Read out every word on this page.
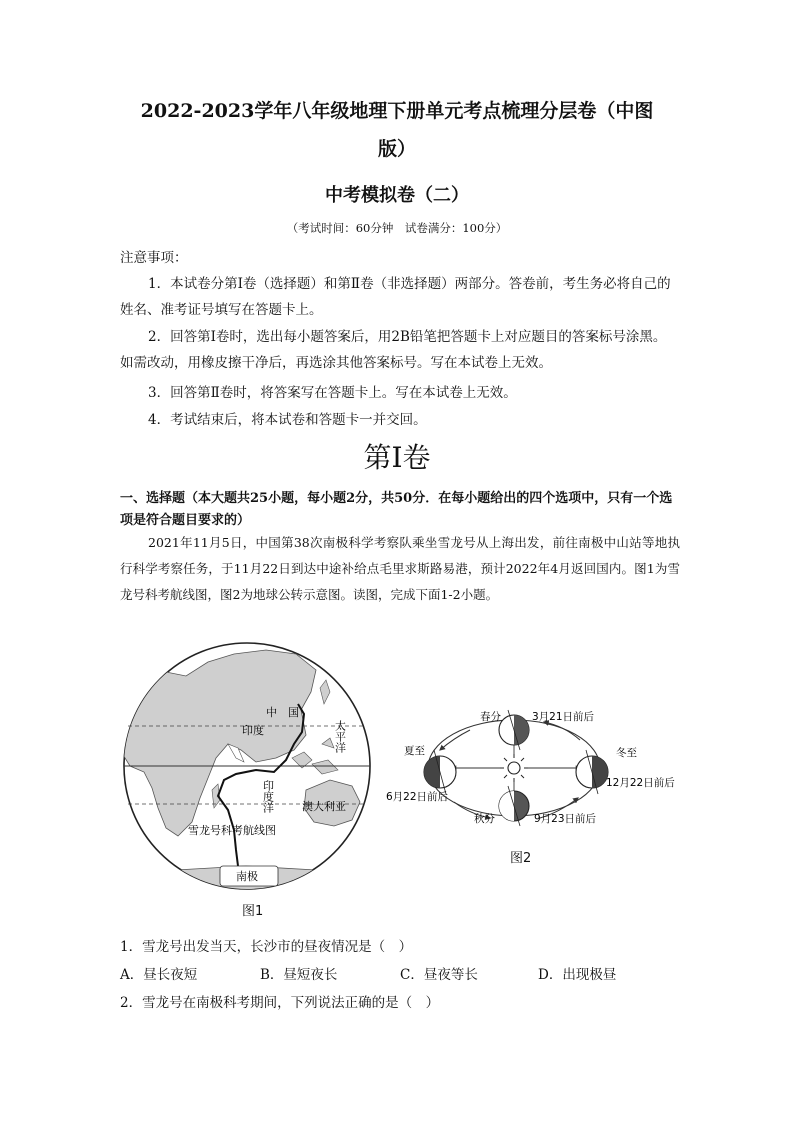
2022-2023学年八年级地理下册单元考点梳理分层卷（中图
版）
中考模拟卷（二）
（考试时间：60分钟　试卷满分：100分）
注意事项：
1．本试卷分第Ⅰ卷（选择题）和第Ⅱ卷（非选择题）两部分。答卷前，考生务必将自己的姓名、准考证号填写在答题卡上。
2．回答第Ⅰ卷时，选出每小题答案后，用2B铅笔把答题卡上对应题目的答案标号涂黑。如需改动，用橡皮擦干净后，再选涂其他答案标号。写在本试卷上无效。
3．回答第Ⅱ卷时，将答案写在答题卡上。写在本试卷上无效。
4．考试结束后，将本试卷和答题卡一并交回。
第Ⅰ卷
一、选择题（本大题共25小题，每小题2分，共50分．在每小题给出的四个选项中，只有一个选项是符合题目要求的）
2021年11月5日，中国第38次南极科学考察队乘坐雪龙号从上海出发，前往南极中山站等地执行科学考察任务，于11月22日到达中途补给点毛里求斯路易港，预计2022年4月返回国内。图1为雪龙号科考航线图，图2为地球公转示意图。读图，完成下面1-2小题。
中　国
印度	太平洋
印度洋	澳大利亚
雪龙号科考航线图
南极
图1
春分	3月21日前后
夏至
6月22日前后
秋分	9月23日前后
冬至
12月22日前后
图2
1．雪龙号出发当天，长沙市的昼夜情况是（　）
A．昼长夜短	B．昼短夜长	C．昼夜等长	D．出现极昼
2．雪龙号在南极科考期间，下列说法正确的是（　）
